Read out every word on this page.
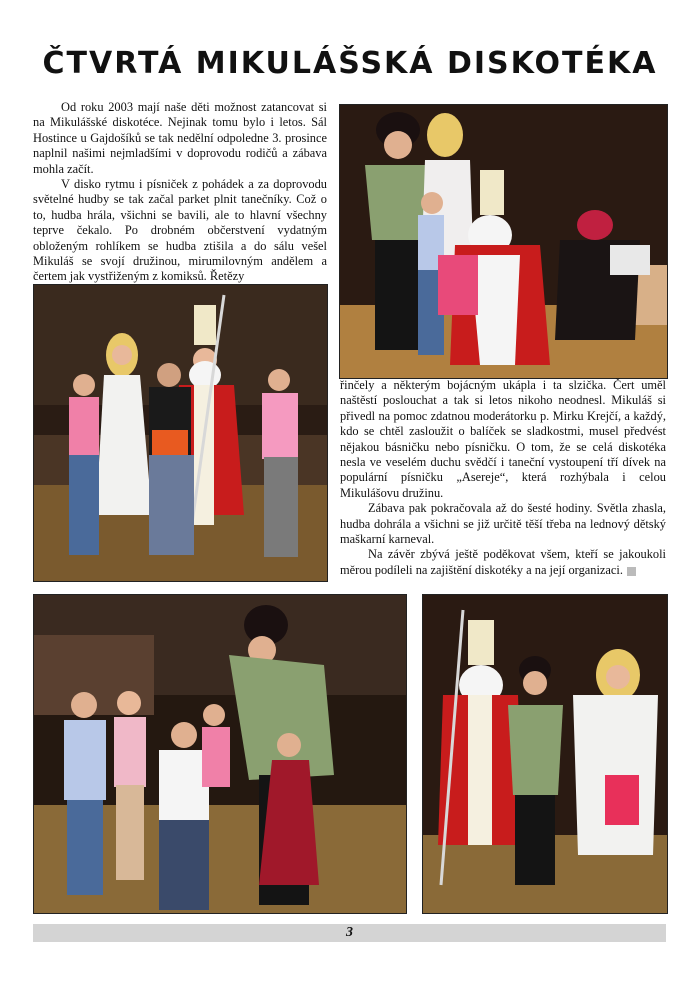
ČTVRTÁ MIKULÁŠSKÁ DISKOTÉKA

Od roku 2003 mají naše děti možnost zatancovat si na Mikulášské diskotéce. Nejinak tomu bylo i letos. Sál Hostince u Gajdošíků se tak nedělní odpoledne 3. prosince naplnil našimi nejmladšími v doprovodu rodičů a zábava mohla začít.

V disko rytmu i písniček z pohádek a za doprovodu světelné hudby se tak začal parket plnit tanečníky. Což o to, hudba hrála, všichni se bavili, ale to hlavní všechny teprve čekalo. Po drobném občerstvení vydatným obloženým rohlíkem se hudba ztišila a do sálu vešel Mikuláš se svojí družinou, mirumilovným andělem a čertem jak vystřiženým z komiksů. Řetězy

řinčely a některým bojácným ukápla i ta slzička. Čert uměl naštěstí poslouchat a tak si letos nikoho neodnesl. Mikuláš si přivedl na pomoc zdatnou moderátorku p. Mirku Krejčí, a každý, kdo se chtěl zasloužit o balíček se sladkostmi, musel předvést nějakou básničku nebo písničku. O tom, že se celá diskotéka nesla ve veselém duchu svědčí i taneční vystoupení tří dívek na populární písničku „Asereje“, která rozhýbala i celou Mikulášovu družinu.

Zábava pak pokračovala až do šesté hodiny. Světla zhasla, hudba dohrála a všichni se již určitě těší třeba na lednový dětský maškarní karneval.

Na závěr zbývá ještě poděkovat všem, kteří se jakoukoli měrou podíleli na zajištění diskotéky a na její organizaci.

3
